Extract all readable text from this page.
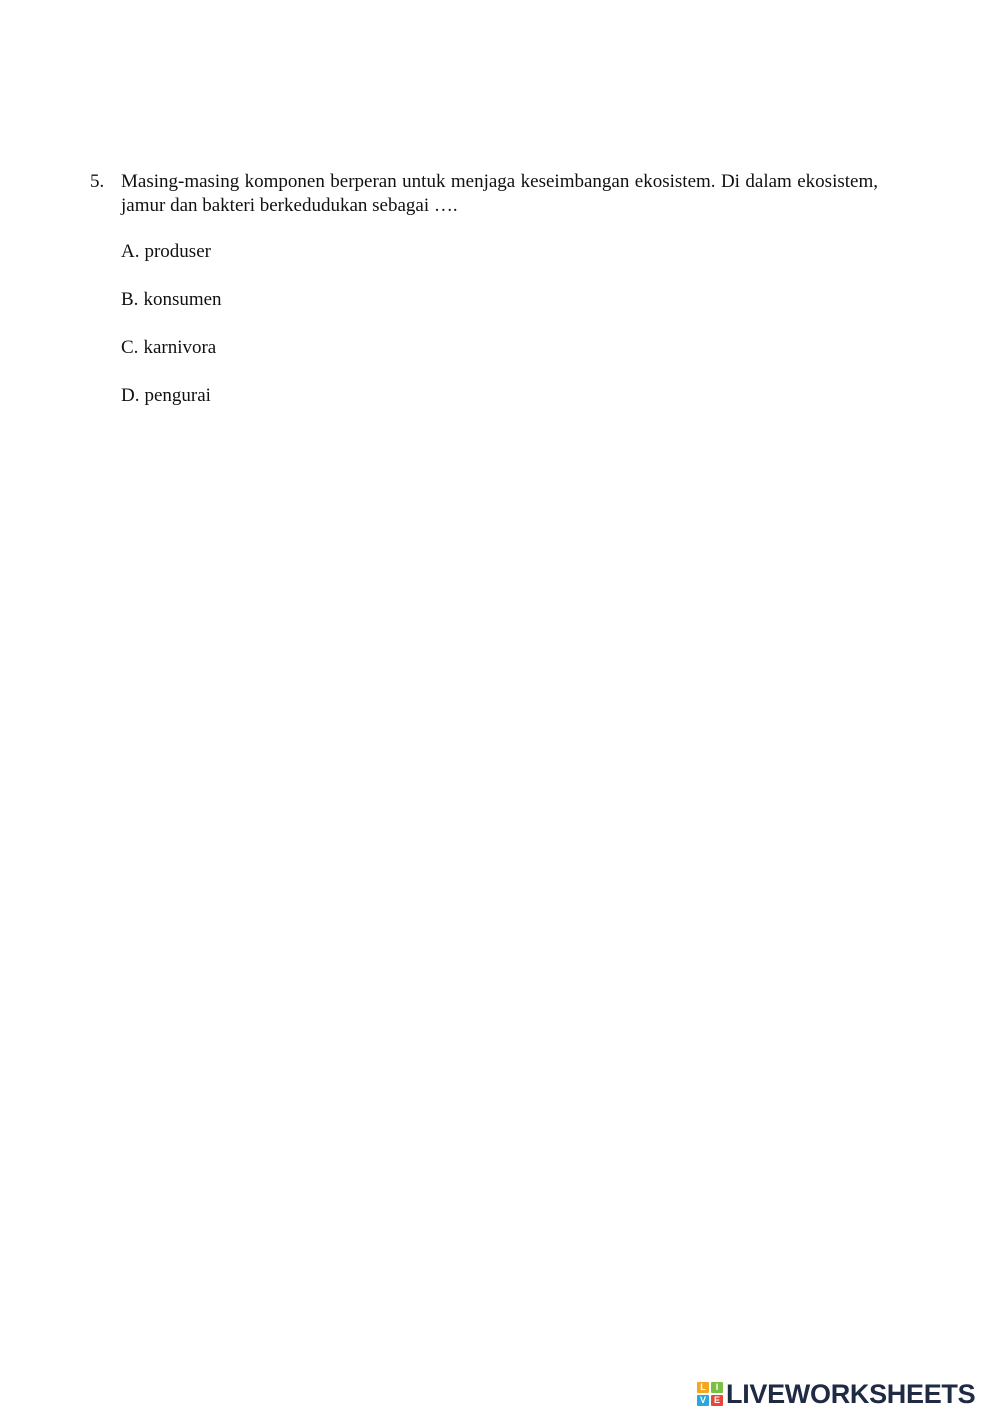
5. Masing-masing komponen berperan untuk menjaga keseimbangan ekosistem. Di dalam ekosistem, jamur dan bakteri berkedudukan sebagai ….
A. produser
B. konsumen
C. karnivora
D. pengurai
L	I
V E LIVEWORKSHEETS
